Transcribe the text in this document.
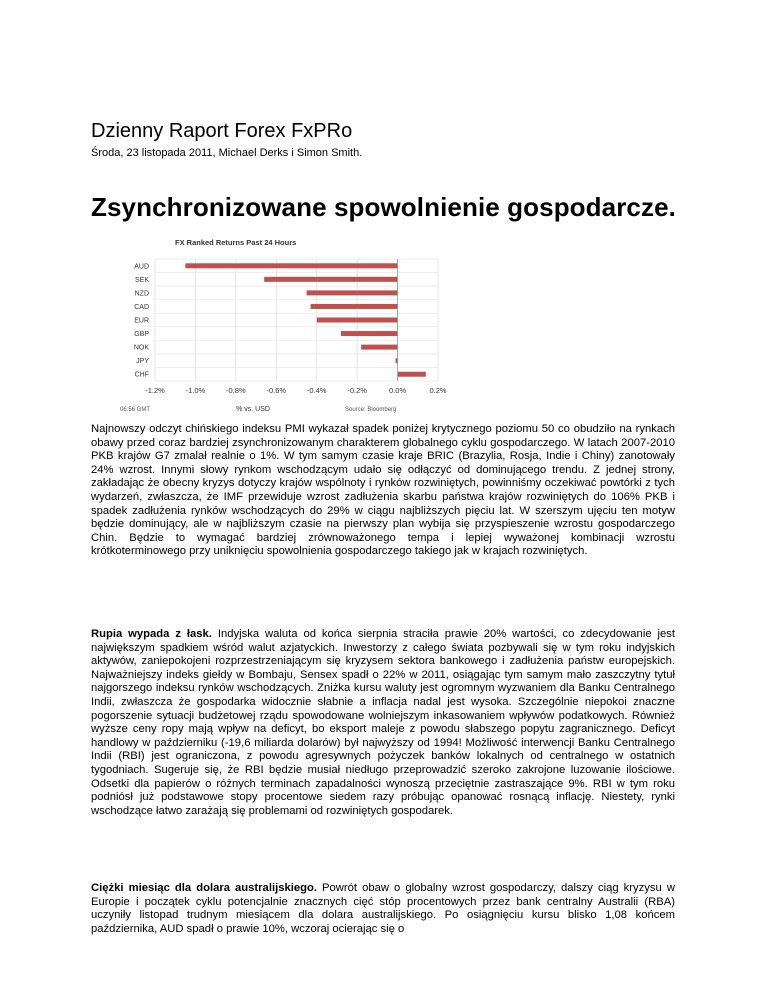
Dzienny Raport Forex FxPRo
Środa, 23 listopada 2011, Michael Derks i Simon Smith.
Zsynchronizowane spowolnienie gospodarcze.
FX Ranked Returns Past 24 Hours
-1.2%	-1.0%	-0.8%	-0.6%	-0.4%	-0.2%	0.0%	0.2%
AUD
SEK
NZD
CAD
EUR
GBP
NOK
JPY
CHF
% vs. USD
06:56 GMT	Source: Bloomberg

Najnowszy odczyt chińskiego indeksu PMI wykazał spadek poniżej krytycznego poziomu 50 co obudziło na rynkach obawy przed coraz bardziej zsynchronizowanym charakterem globalnego cyklu gospodarczego. W latach 2007-2010 PKB krajów G7 zmalał realnie o 1%. W tym samym czasie kraje BRIC (Brazylia, Rosja, Indie i Chiny) zanotowały 24% wzrost. Innymi słowy rynkom wschodzącym udało się odłączyć od dominującego trendu. Z jednej strony, zakładając że obecny kryzys dotyczy krajów wspólnoty i rynków rozwiniętych, powinniśmy oczekiwać powtórki z tych wydarzeń, zwłaszcza, że IMF przewiduje wzrost zadłużenia skarbu państwa krajów rozwiniętych do 106% PKB i spadek zadłużenia rynków wschodzących do 29% w ciągu najbliższych pięciu lat. W szerszym ujęciu ten motyw będzie dominujący, ale w najbliższym czasie na pierwszy plan wybija się przyspieszenie wzrostu gospodarczego Chin. Będzie to wymagać bardziej zrównoważonego tempa i lepiej wyważonej kombinacji wzrostu krótkoterminowego przy uniknięciu spowolnienia gospodarczego takiego jak w krajach rozwiniętych.

Rupia wypada z łask. Indyjska waluta od końca sierpnia straciła prawie 20% wartości, co zdecydowanie jest największym spadkiem wśród walut azjatyckich. Inwestorzy z całego świata pozbywali się w tym roku indyjskich aktywów, zaniepokojeni rozprzestrzeniającym się kryzysem sektora bankowego i zadłużenia państw europejskich. Najważniejszy indeks giełdy w Bombaju, Sensex spadł o 22% w 2011, osiągając tym samym mało zaszczytny tytuł najgorszego indeksu rynków wschodzących. Zniżka kursu waluty jest ogromnym wyzwaniem dla Banku Centralnego Indii, zwłaszcza że gospodarka widocznie słabnie a inflacja nadal jest wysoka. Szczególnie niepokoi znaczne pogorszenie sytuacji budżetowej rządu spowodowane wolniejszym inkasowaniem wpływów podatkowych. Również wyższe ceny ropy mają wpływ na deficyt, bo eksport maleje z powodu słabszego popytu zagranicznego. Deficyt handlowy w październiku (-19,6 miliarda dolarów) był najwyższy od 1994! Możliwość interwencji Banku Centralnego Indii (RBI) jest ograniczona, z powodu agresywnych pożyczek banków lokalnych od centralnego w ostatnich tygodniach. Sugeruje się, że RBI będzie musiał niedługo przeprowadzić szeroko zakrojone luzowanie ilościowe. Odsetki dla papierów o różnych terminach zapadalności wynoszą przeciętnie zastraszające 9%. RBI w tym roku podniósł już podstawowe stopy procentowe siedem razy próbując opanować rosnącą inflację. Niestety, rynki wschodzące łatwo zarażają się problemami od rozwiniętych gospodarek.

Ciężki miesiąc dla dolara australijskiego. Powrót obaw o globalny wzrost gospodarczy, dalszy ciąg kryzysu w Europie i początek cyklu potencjalnie znacznych cięć stóp procentowych przez bank centralny Australii (RBA) uczyniły listopad trudnym miesiącem dla dolara australijskiego. Po osiągnięciu kursu blisko 1,08 końcem października, AUD spadł o prawie 10%, wczoraj ocierając się o
